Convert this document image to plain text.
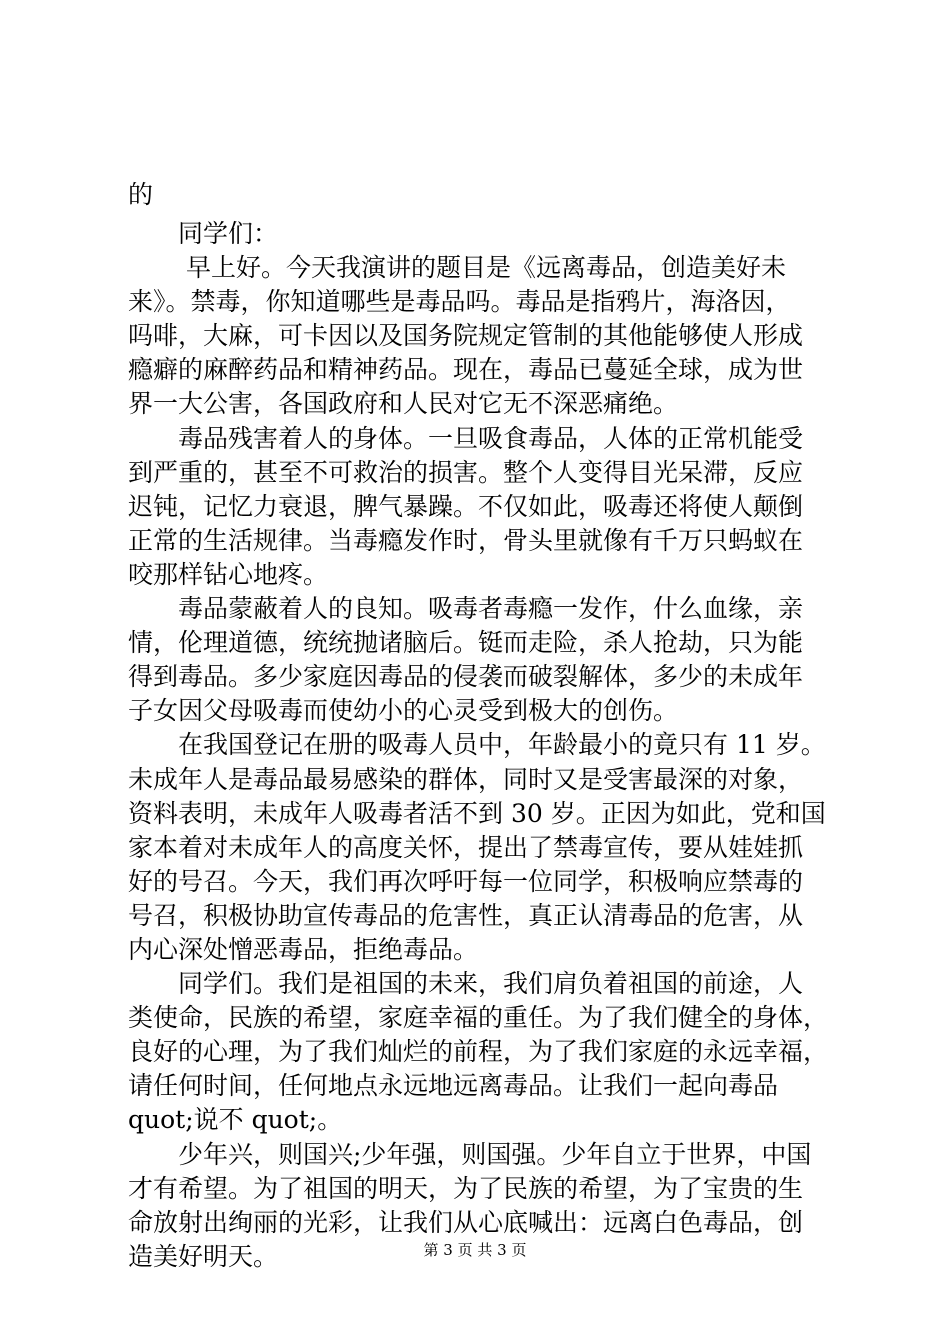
的
　　同学们：
　　 早上好。今天我演讲的题目是《远离毒品，创造美好未
来》。禁毒，你知道哪些是毒品吗。毒品是指鸦片，海洛因，
吗啡，大麻，可卡因以及国务院规定管制的其他能够使人形成
瘾癖的麻醉药品和精神药品。现在，毒品已蔓延全球，成为世
界一大公害，各国政府和人民对它无不深恶痛绝。
　　毒品残害着人的身体。一旦吸食毒品，人体的正常机能受
到严重的，甚至不可救治的损害。整个人变得目光呆滞，反应
迟钝，记忆力衰退，脾气暴躁。不仅如此，吸毒还将使人颠倒
正常的生活规律。当毒瘾发作时，骨头里就像有千万只蚂蚁在
咬那样钻心地疼。
　　毒品蒙蔽着人的良知。吸毒者毒瘾一发作，什么血缘，亲
情，伦理道德，统统抛诸脑后。铤而走险，杀人抢劫，只为能
得到毒品。多少家庭因毒品的侵袭而破裂解体，多少的未成年
子女因父母吸毒而使幼小的心灵受到极大的创伤。
　　在我国登记在册的吸毒人员中，年龄最小的竟只有 11 岁。
未成年人是毒品最易感染的群体，同时又是受害最深的对象，
资料表明，未成年人吸毒者活不到 30 岁。正因为如此，党和国
家本着对未成年人的高度关怀，提出了禁毒宣传，要从娃娃抓
好的号召。今天，我们再次呼吁每一位同学，积极响应禁毒的
号召，积极协助宣传毒品的危害性，真正认清毒品的危害，从
内心深处憎恶毒品，拒绝毒品。
　　同学们。我们是祖国的未来，我们肩负着祖国的前途，人
类使命，民族的希望，家庭幸福的重任。为了我们健全的身体，
良好的心理，为了我们灿烂的前程，为了我们家庭的永远幸福，
请任何时间，任何地点永远地远离毒品。让我们一起向毒品
quot;说不 quot;。
　　少年兴，则国兴;少年强，则国强。少年自立于世界，中国
才有希望。为了祖国的明天，为了民族的希望，为了宝贵的生
命放射出绚丽的光彩，让我们从心底喊出：远离白色毒品，创
造美好明天。	第 3 页 共 3 页
